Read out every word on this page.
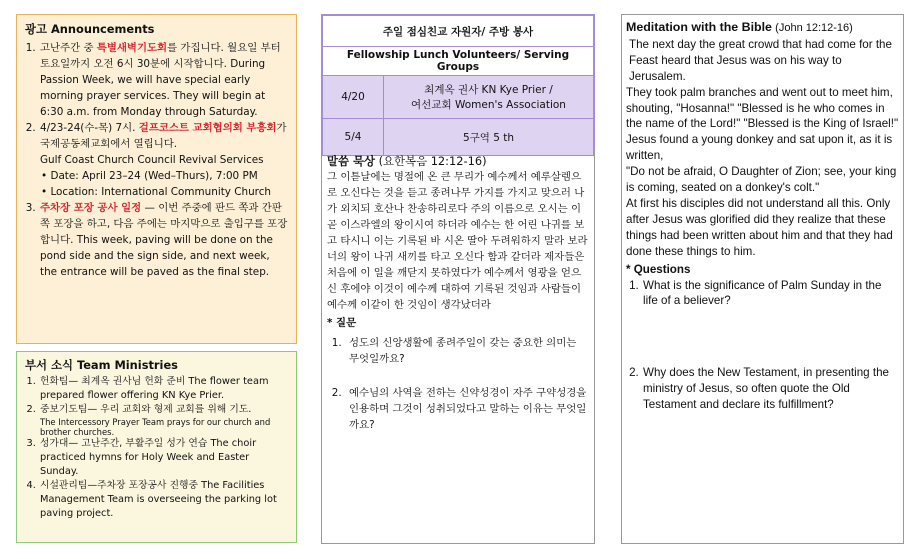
광고 Announcements
1. 고난주간 중 특별새벽기도회를 가집니다. 월요일 부터 토요일까지 오전 6시 30분에 시작합니다. During Passion Week, we will have special early morning prayer services. They will begin at 6:30 a.m. from Monday through Saturday.
2. 4/23-24(수-목) 7시. 걸프코스트 교회협의회 부흥회가 국제공동체교회에서 열립니다.
Gulf Coast Church Council Revival Services
• Date: April 23–24 (Wed–Thurs), 7:00 PM
• Location: International Community Church
3. 주차장 포장 공사 일정 — 이번 주중에 판드 쪽과 간판 쪽 포장을 하고, 다음 주에는 마지막으로 출입구를 포장합니다. This week, paving will be done on the pond side and the sign side, and next week, the entrance will be paved as the final step.
부서 소식 Team Ministries
1. 헌화팀— 최계옥 권사님 헌화 준비 The flower team prepared flower offering KN Kye Prier.
2. 중보기도팀— 우리 교회와 형제 교회를 위해 기도.
The Intercessory Prayer Team prays for our church and brother churches.
3. 성가대— 고난주간, 부활주일 성가 연습 The choir practiced hymns for Holy Week and Easter Sunday.
4. 시설관리팀—주차장 포장공사 진행중 The Facilities Management Team is overseeing the parking lot paving project.
주일 점심친교 자원자/ 주방 봉사	
Fellowship Lunch Volunteers/ Serving Groups	
4/20	최계옥 권사 KN Kye Prier /
여선교회 Women's Association
5/4	5구역 5 th
말씀 묵상 (요한복음 12:12-16)
그 이튿날에는 명절에 온 큰 무리가 예수께서 예루살렘으로 오신다는 것을 듣고 종려나무 가지를 가지고 맞으러 나가 외치되 호산나 찬송하리로다 주의 이름으로 오시는 이 곧 이스라엘의 왕이시여 하더라 예수는 한 어린 나귀를 보고 타시니 이는 기록된 바 시온 딸아 두려워하지 말라 보라 너의 왕이 나귀 새끼를 타고 오신다 함과 같더라 제자들은 처음에 이 일을 깨닫지 못하였다가 예수께서 영광을 얻으신 후에야 이것이 예수께 대하여 기록된 것임과 사람들이 예수께 이같이 한 것임이 생각났더라
* 질문
1. 성도의 신앙생활에 종려주일이 갖는 중요한 의미는 무엇일까요?
2. 예수님의 사역을 전하는 신약성경이 자주 구약성경을 인용하며 그것이 성취되었다고 말하는 이유는 무엇일까요?
Meditation with the Bible (John 12:12-16)
The next day the great crowd that had come for the Feast heard that Jesus was on his way to Jerusalem.
They took palm branches and went out to meet him, shouting, "Hosanna!" "Blessed is he who comes in the name of the Lord!" "Blessed is the King of Israel!"
Jesus found a young donkey and sat upon it, as it is written,
"Do not be afraid, O Daughter of Zion; see, your king is coming, seated on a donkey's colt."
At first his disciples did not understand all this. Only after Jesus was glorified did they realize that these things had been written about him and that they had done these things to him.
* Questions
1. What is the significance of Palm Sunday in the life of a believer?
2. Why does the New Testament, in presenting the ministry of Jesus, so often quote the Old Testament and declare its fulfillment?
